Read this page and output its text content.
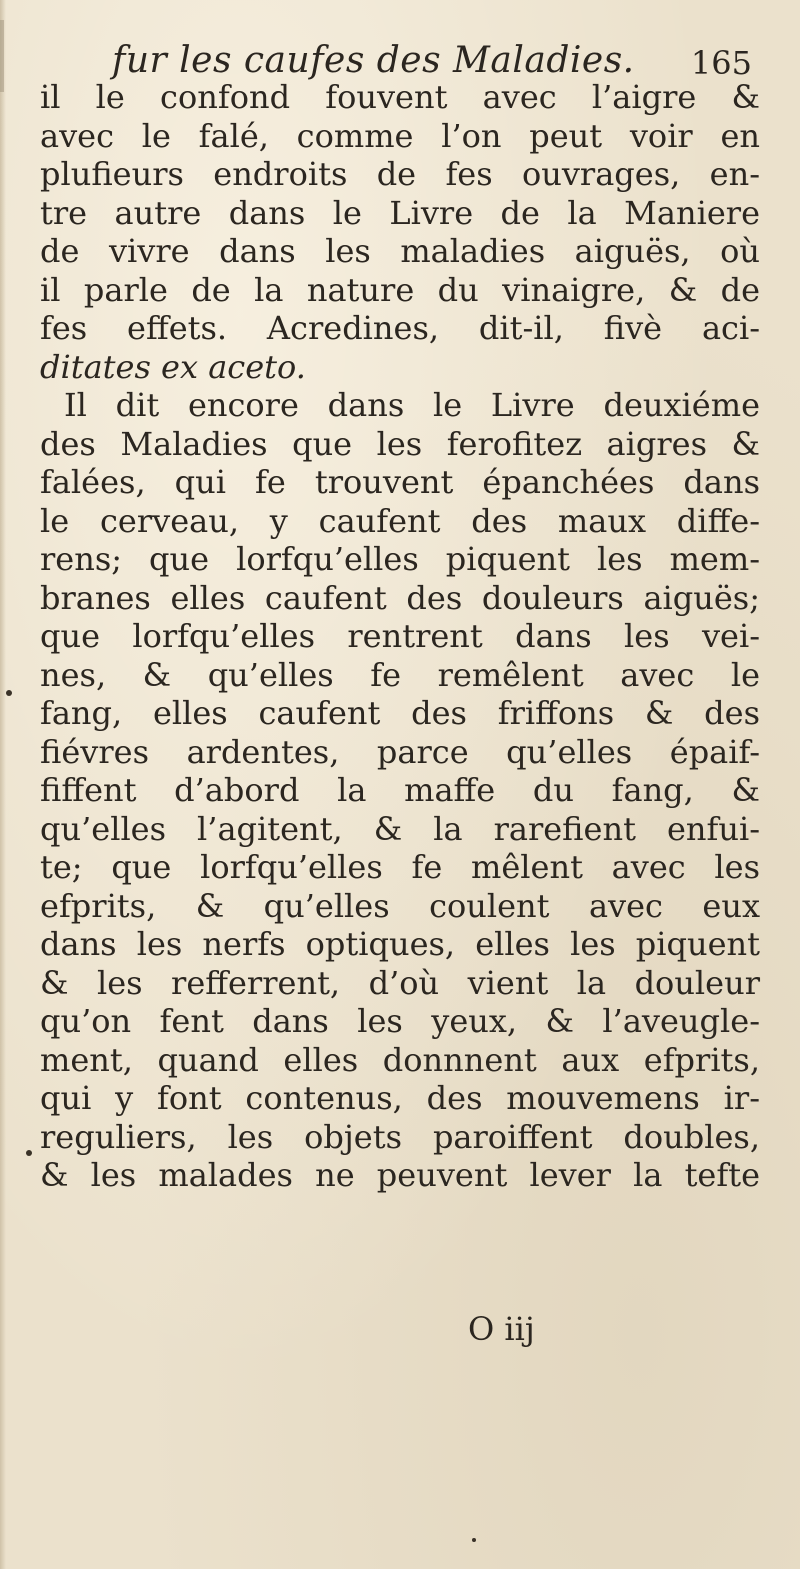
fur les caufes des Maladies. 165
il le confond fouvent avec l’aigre &
avec le falé, comme l’on peut voir en
plufieurs endroits de fes ouvrages, en-
tre autre dans le Livre de la Maniere
de vivre dans les maladies aiguës, où
il parle de la nature du vinaigre, & de
fes effets. Acredines, dit-il, fivè aci-
ditates ex aceto.
Il dit encore dans le Livre deuxiéme
des Maladies que les ferofitez aigres &
falées, qui fe trouvent épanchées dans
le cerveau, y caufent des maux diffe-
rens; que lorfqu’elles piquent les mem-
branes elles caufent des douleurs aiguës;
que lorfqu’elles rentrent dans les vei-
nes, & qu’elles fe remêlent avec le
fang, elles caufent des friffons & des
fiévres ardentes, parce qu’elles épaif-
fiffent d’abord la maffe du fang, &
qu’elles l’agitent, & la rarefient enfui-
te; que lorfqu’elles fe mêlent avec les
efprits, & qu’elles coulent avec eux
dans les nerfs optiques, elles les piquent
& les refferrent, d’où vient la douleur
qu’on fent dans les yeux, & l’aveugle-
ment, quand elles donnnent aux efprits,
qui y font contenus, des mouvemens ir-
reguliers, les objets paroiffent doubles,
& les malades ne peuvent lever la tefte
O iij
